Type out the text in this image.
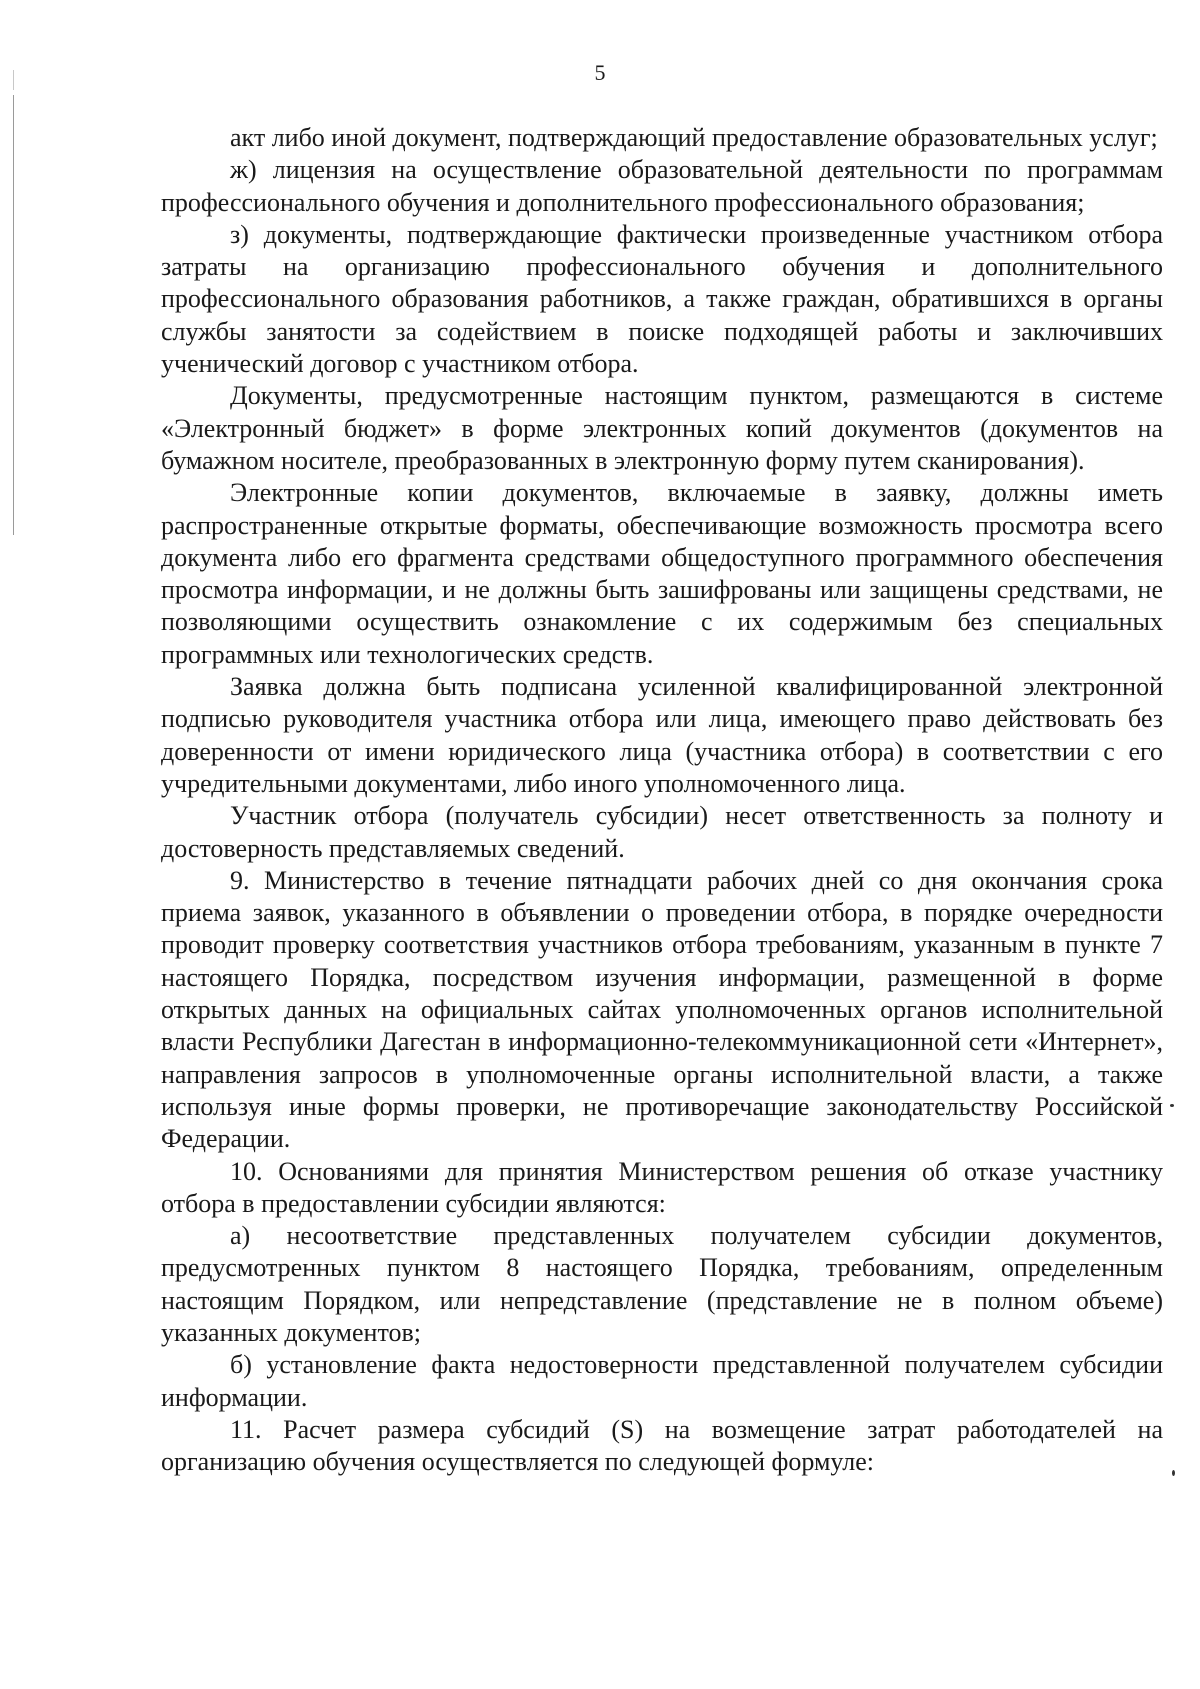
5

акт либо иной документ, подтверждающий предоставление образовательных услуг;

ж) лицензия на осуществление образовательной деятельности по программам профессионального обучения и дополнительного профессионального образования;

з) документы, подтверждающие фактически произведенные участником отбора затраты на организацию профессионального обучения и дополнительного профессионального образования работников, а также граждан, обратившихся в органы службы занятости за содействием в поиске подходящей работы и заключивших ученический договор с участником отбора.

Документы, предусмотренные настоящим пунктом, размещаются в системе «Электронный бюджет» в форме электронных копий документов (документов на бумажном носителе, преобразованных в электронную форму путем сканирования).

Электронные копии документов, включаемые в заявку, должны иметь распространенные открытые форматы, обеспечивающие возможность просмотра всего документа либо его фрагмента средствами общедоступного программного обеспечения просмотра информации, и не должны быть зашифрованы или защищены средствами, не позволяющими осуществить ознакомление с их содержимым без специальных программных или технологических средств.

Заявка должна быть подписана усиленной квалифицированной электронной подписью руководителя участника отбора или лица, имеющего право действовать без доверенности от имени юридического лица (участника отбора) в соответствии с его учредительными документами, либо иного уполномоченного лица.

Участник отбора (получатель субсидии) несет ответственность за полноту и достоверность представляемых сведений.

9. Министерство в течение пятнадцати рабочих дней со дня окончания срока приема заявок, указанного в объявлении о проведении отбора, в порядке очередности проводит проверку соответствия участников отбора требованиям, указанным в пункте 7 настоящего Порядка, посредством изучения информации, размещенной в форме открытых данных на официальных сайтах уполномоченных органов исполнительной власти Республики Дагестан в информационно-телекоммуникационной сети «Интернет», направления запросов в уполномоченные органы исполнительной власти, а также используя иные формы проверки, не противоречащие законодательству Российской Федерации.

10. Основаниями для принятия Министерством решения об отказе участнику отбора в предоставлении субсидии являются:

а) несоответствие представленных получателем субсидии документов, предусмотренных пунктом 8 настоящего Порядка, требованиям, определенным настоящим Порядком, или непредставление (представление не в полном объеме) указанных документов;

б) установление факта недостоверности представленной получателем субсидии информации.

11. Расчет размера субсидий (S) на возмещение затрат работодателей на организацию обучения осуществляется по следующей формуле:
